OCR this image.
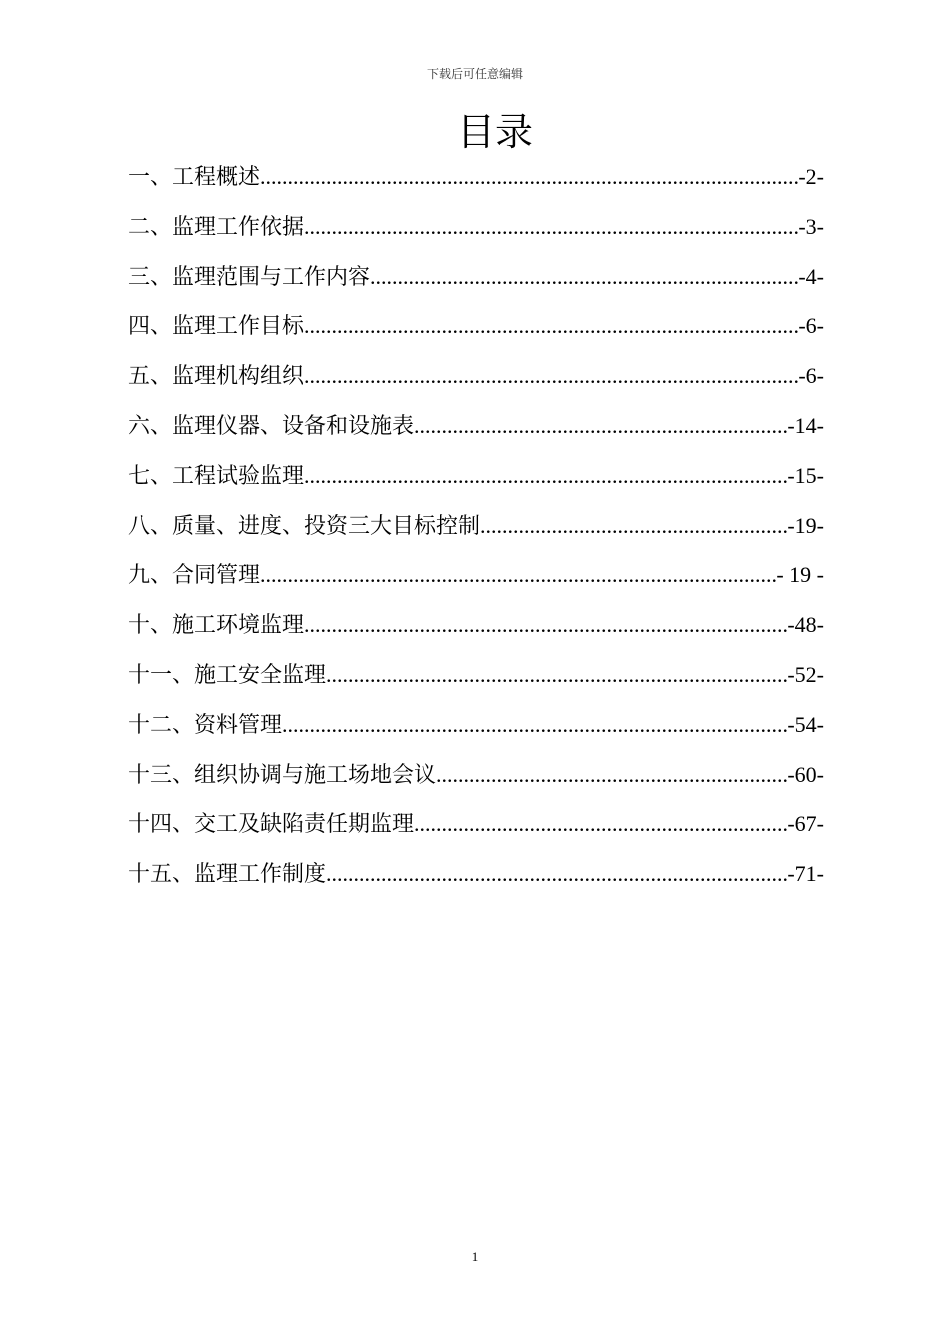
下载后可任意编辑
目录
一、工程概述 .....	-2-
二、监理工作依据 .....	-3-
三、监理范围与工作内容 .....	-4-
四、监理工作目标 .....	-6-
五、监理机构组织 .....	-6-
六、监理仪器、设备和设施表 .....	-14-
七、工程试验监理 .....	-15-
八、质量、进度、投资三大目标控制 .....	-19-
九、合同管理 .....	- 19 -
十、施工环境监理 .....	-48-
十一、施工安全监理 .....	-52-
十二、资料管理 .....	-54-
十三、组织协调与施工场地会议 .....	-60-
十四、交工及缺陷责任期监理 .....	-67-
十五、监理工作制度 .....	-71-
1
